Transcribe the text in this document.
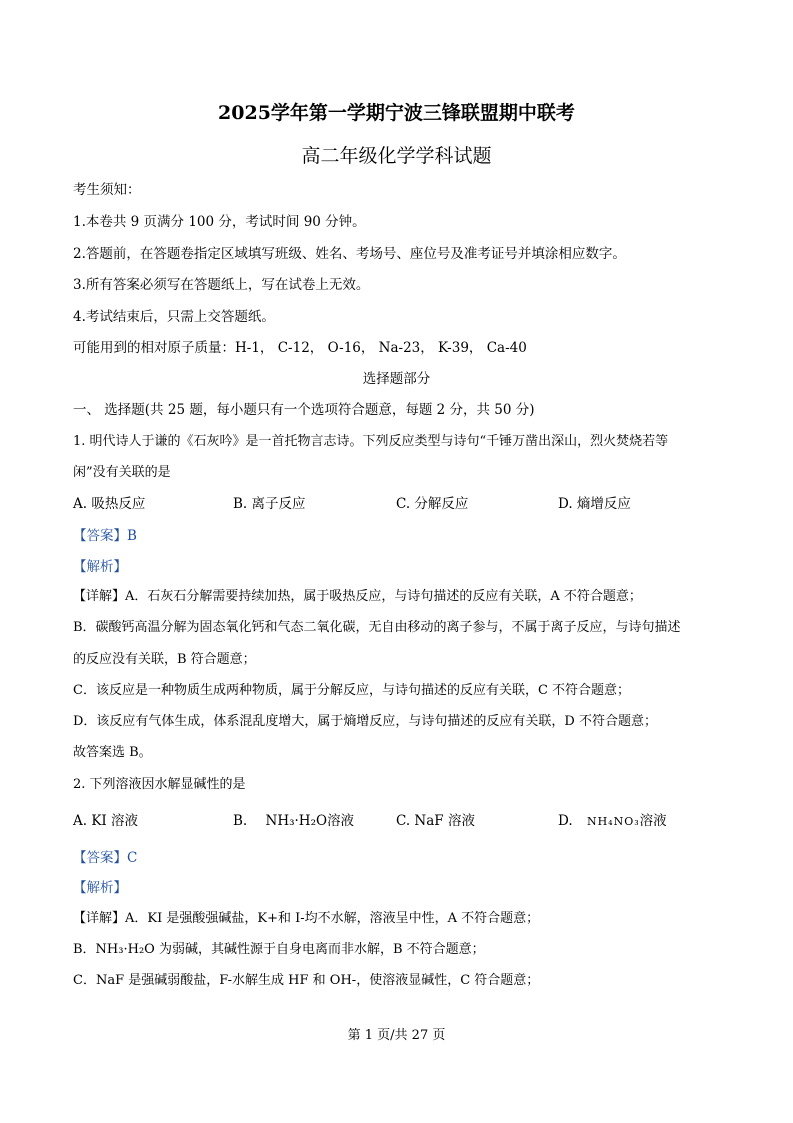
2025学年第一学期宁波三锋联盟期中联考
高二年级化学学科试题
考生须知：
1.本卷共 9 页满分 100 分，考试时间 90 分钟。
2.答题前，在答题卷指定区域填写班级、姓名、考场号、座位号及准考证号并填涂相应数字。
3.所有答案必须写在答题纸上，写在试卷上无效。
4.考试结束后，只需上交答题纸。
可能用到的相对原子质量：H-1， C-12， O-16， Na-23， K-39， Ca-40
选择题部分
一、 选择题(共 25 题，每小题只有一个选项符合题意，每题 2 分，共 50 分)
1. 明代诗人于谦的《石灰吟》是一首托物言志诗。下列反应类型与诗句“千锤万凿出深山，烈火焚烧若等
闲”没有关联的是
A. 吸热反应	B. 离子反应	C. 分解反应	D. 熵增反应
【答案】B
【解析】
【详解】A．石灰石分解需要持续加热，属于吸热反应，与诗句描述的反应有关联，A 不符合题意；
B．碳酸钙高温分解为固态氧化钙和气态二氧化碳，无自由移动的离子参与，不属于离子反应，与诗句描述
的反应没有关联，B 符合题意；
C．该反应是一种物质生成两种物质，属于分解反应，与诗句描述的反应有关联，C 不符合题意；
D．该反应有气体生成，体系混乱度增大，属于熵增反应，与诗句描述的反应有关联，D 不符合题意；
故答案选 B。
2. 下列溶液因水解显碱性的是
A. KI 溶液	B. NH₃·H₂O溶液	C. NaF 溶液	D. NH₄NO₃溶液
【答案】C
【解析】
【详解】A．KI 是强酸强碱盐，K+和 I-均不水解，溶液呈中性，A 不符合题意；
B．NH₃·H₂O 为弱碱，其碱性源于自身电离而非水解，B 不符合题意；
C．NaF 是强碱弱酸盐，F-水解生成 HF 和 OH-，使溶液显碱性，C 符合题意；
第 1 页/共 27 页
